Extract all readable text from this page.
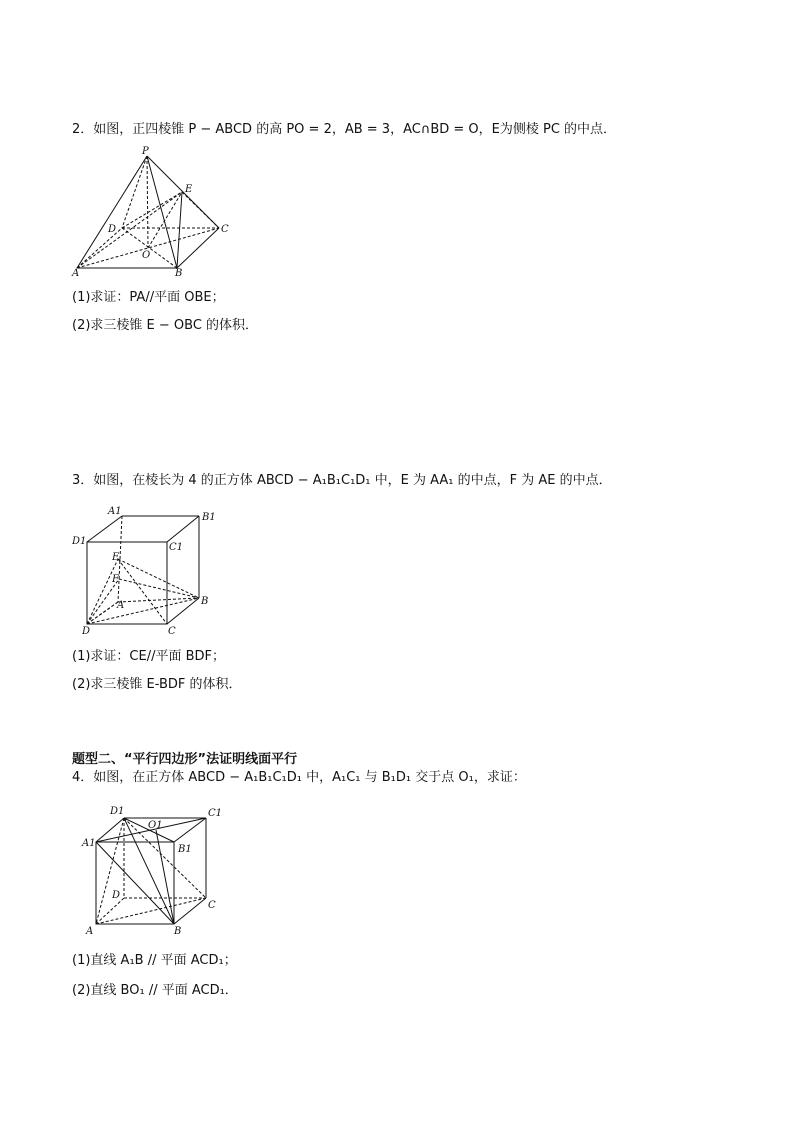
2．如图，正四棱锥 P − ABCD 的高 PO = 2，AB = 3，AC∩BD = O，E为侧棱 PC 的中点．
P
E
D	C
O
A	B
(1)求证：PA//平面 OBE；
(2)求三棱锥 E − OBC 的体积．
3．如图，在棱长为 4 的正方体 ABCD − A₁B₁C₁D₁ 中，E 为 AA₁ 的中点，F 为 AE 的中点．
A1
B1
D1
C1
E
F
A	B
D	C
(1)求证：CE//平面 BDF；
(2)求三棱锥 E-BDF 的体积．
题型二、“平行四边形”法证明线面平行
4．如图，在正方体 ABCD − A₁B₁C₁D₁ 中，A₁C₁ 与 B₁D₁ 交于点 O₁，求证：
D1	C1
O1
A1
B1
D
C
A	B
(1)直线 A₁B // 平面 ACD₁；
(2)直线 BO₁ // 平面 ACD₁．
